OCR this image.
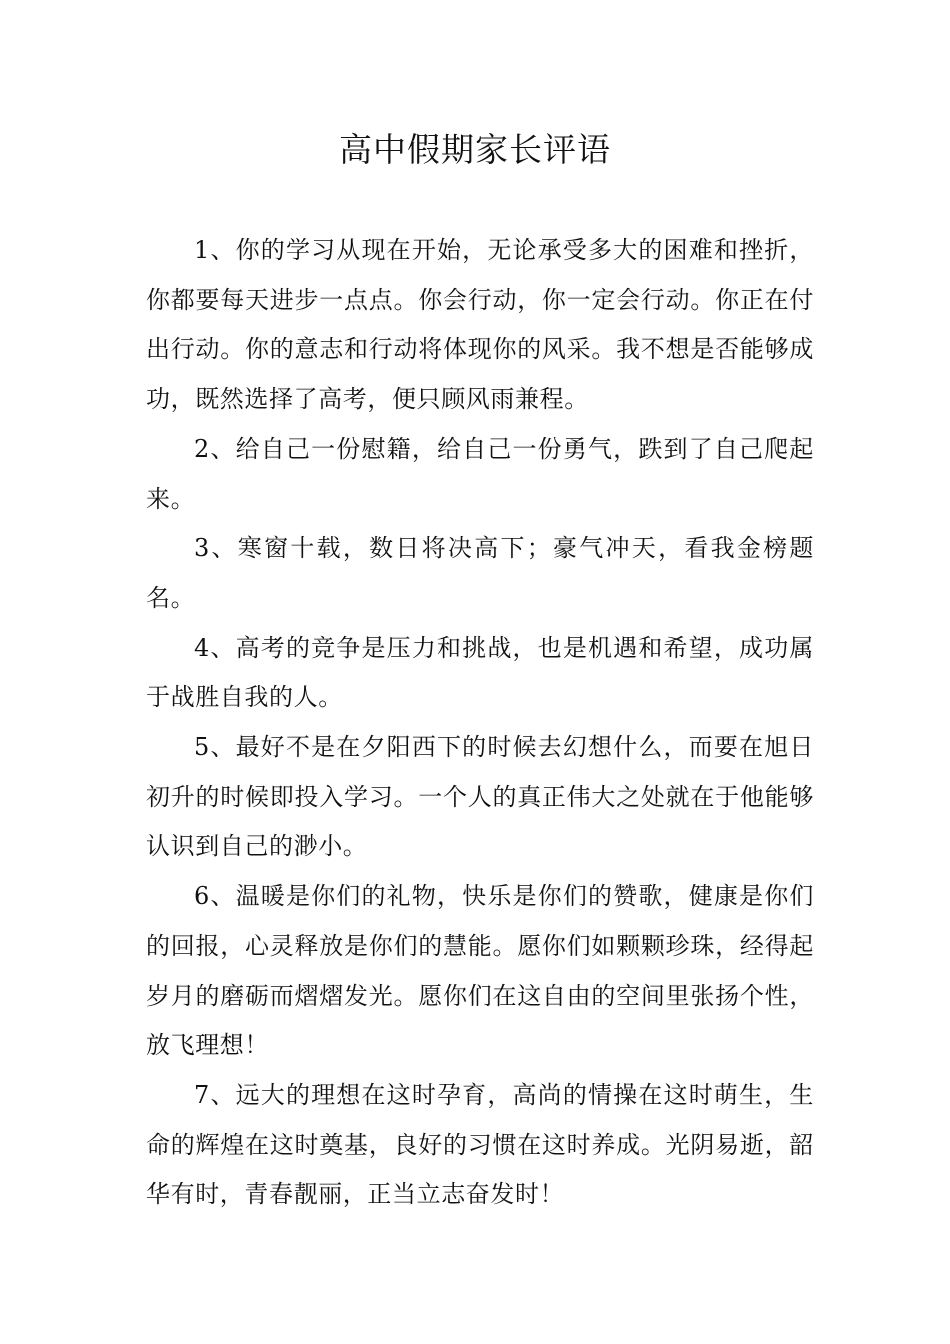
高中假期家长评语

1、你的学习从现在开始，无论承受多大的困难和挫折，你都要每天进步一点点。你会行动，你一定会行动。你正在付出行动。你的意志和行动将体现你的风采。我不想是否能够成功，既然选择了高考，便只顾风雨兼程。

2、给自己一份慰籍，给自己一份勇气，跌到了自己爬起来。

3、寒窗十载，数日将决高下；豪气冲天，看我金榜题名。

4、高考的竞争是压力和挑战，也是机遇和希望，成功属于战胜自我的人。

5、最好不是在夕阳西下的时候去幻想什么，而要在旭日初升的时候即投入学习。一个人的真正伟大之处就在于他能够认识到自己的渺小。

6、温暖是你们的礼物，快乐是你们的赞歌，健康是你们的回报，心灵释放是你们的慧能。愿你们如颗颗珍珠，经得起岁月的磨砺而熠熠发光。愿你们在这自由的空间里张扬个性，放飞理想！

7、远大的理想在这时孕育，高尚的情操在这时萌生，生命的辉煌在这时奠基，良好的习惯在这时养成。光阴易逝，韶华有时，青春靓丽，正当立志奋发时！
